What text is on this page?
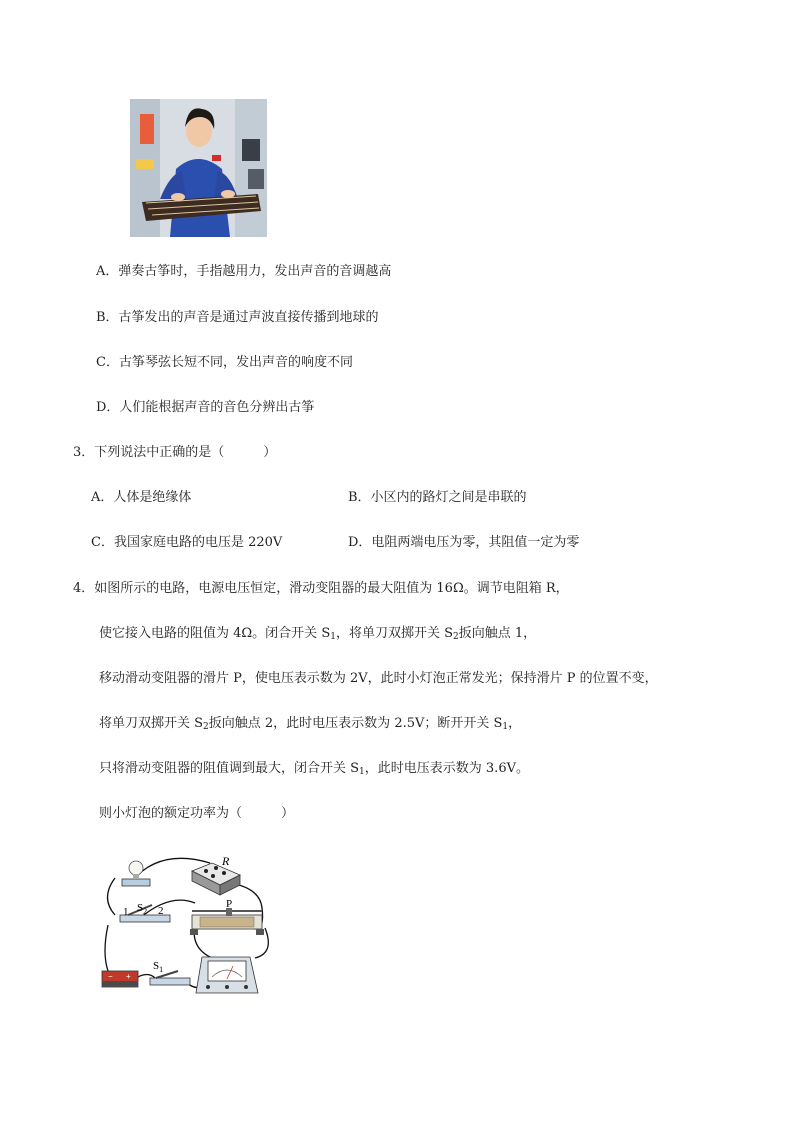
A．弹奏古筝时，手指越用力，发出声音的音调越高
B．古筝发出的声音是通过声波直接传播到地球的
C．古筝琴弦长短不同，发出声音的响度不同
D．人们能根据声音的音色分辨出古筝
3．下列说法中正确的是（　　　）
A．人体是绝缘体	B．小区内的路灯之间是串联的
C．我国家庭电路的电压是 220V	D．电阻两端电压为零，其阻值一定为零
4．如图所示的电路，电源电压恒定，滑动变阻器的最大阻值为 16Ω。调节电阻箱 R，
使它接入电路的阻值为 4Ω。闭合开关 $S_1$，将单刀双掷开关 $S_2$扳向触点 1，
移动滑动变阻器的滑片 P，使电压表示数为 2V，此时小灯泡正常发光；保持滑片 P 的位置不变，
将单刀双掷开关 $S_2$扳向触点 2，此时电压表示数为 2.5V；断开开关 $S_1$，
只将滑动变阻器的阻值调到最大，闭合开关 $S_1$，此时电压表示数为 3.6V。
则小灯泡的额定功率为（　　　）
R
1 $S_2$ 2
P
− +
$S_1$
